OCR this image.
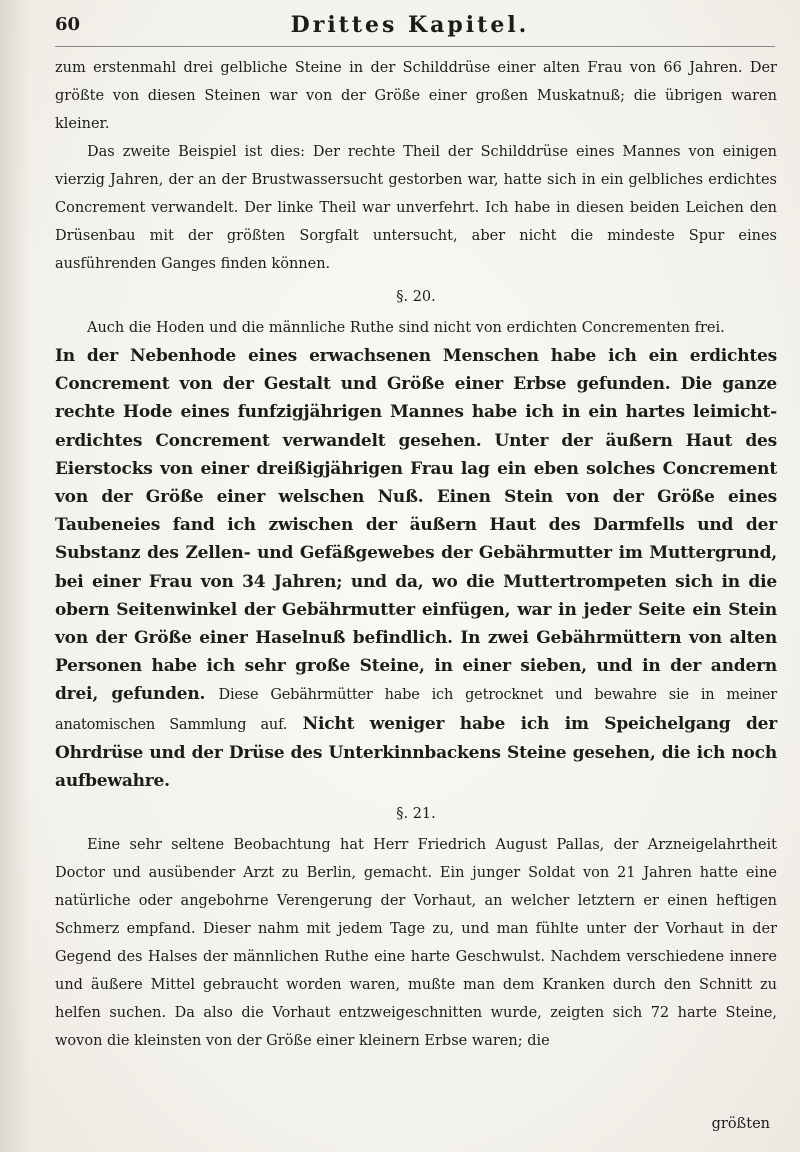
60	Drittes Kapitel.

zum erstenmahl drei gelbliche Steine in der Schilddrüse einer alten Frau von 66 Jahren. Der größte von diesen Steinen war von der Größe einer großen Muskatnuß; die übrigen waren kleiner.

Das zweite Beispiel ist dies: Der rechte Theil der Schilddrüse eines Mannes von einigen vierzig Jahren, der an der Brustwassersucht gestorben war, hatte sich in ein gelbliches erdichtes Concrement verwandelt. Der linke Theil war unverfehrt. Ich habe in diesen beiden Leichen den Drüsenbau mit der größten Sorgfalt untersucht, aber nicht die mindeste Spur eines ausführenden Ganges finden können.

§. 20.

Auch die Hoden und die männliche Ruthe sind nicht von erdichten Concrementen frei.

In der Nebenhode eines erwachsenen Menschen habe ich ein erdichtes Concrement von der Gestalt und Größe einer Erbse gefunden. Die ganze rechte Hode eines funfzigjährigen Mannes habe ich in ein hartes leimicht-erdichtes Concrement verwandelt gesehen. Unter der äußern Haut des Eierstocks von einer dreißigjährigen Frau lag ein eben solches Concrement von der Größe einer welschen Nuß. Einen Stein von der Größe eines Taubeneies fand ich zwischen der äußern Haut des Darmfells und der Substanz des Zellen- und Gefäßgewebes der Gebährmutter im Muttergrund, bei einer Frau von 34 Jahren; und da, wo die Muttertrompeten sich in die obern Seitenwinkel der Gebährmutter einfügen, war in jeder Seite ein Stein von der Größe einer Haselnuß befindlich. In zwei Gebährmüttern von alten Personen habe ich sehr große Steine, in einer sieben, und in der andern drei, gefunden. Diese Gebährmütter habe ich getrocknet und bewahre sie in meiner anatomischen Sammlung auf. Nicht weniger habe ich im Speichelgang der Ohrdrüse und der Drüse des Unterkinnbackens Steine gesehen, die ich noch aufbewahre.

§. 21.

Eine sehr seltene Beobachtung hat Herr Friedrich August Pallas, der Arzneigelahrtheit Doctor und ausübender Arzt zu Berlin, gemacht. Ein junger Soldat von 21 Jahren hatte eine natürliche oder angebohrne Verengerung der Vorhaut, an welcher letztern er einen heftigen Schmerz empfand. Dieser nahm mit jedem Tage zu, und man fühlte unter der Vorhaut in der Gegend des Halses der männlichen Ruthe eine harte Geschwulst. Nachdem verschiedene innere und äußere Mittel gebraucht worden waren, mußte man dem Kranken durch den Schnitt zu helfen suchen. Da also die Vorhaut entzweigeschnitten wurde, zeigten sich 72 harte Steine, wovon die kleinsten von der Größe einer kleinern Erbse waren; die

größten
